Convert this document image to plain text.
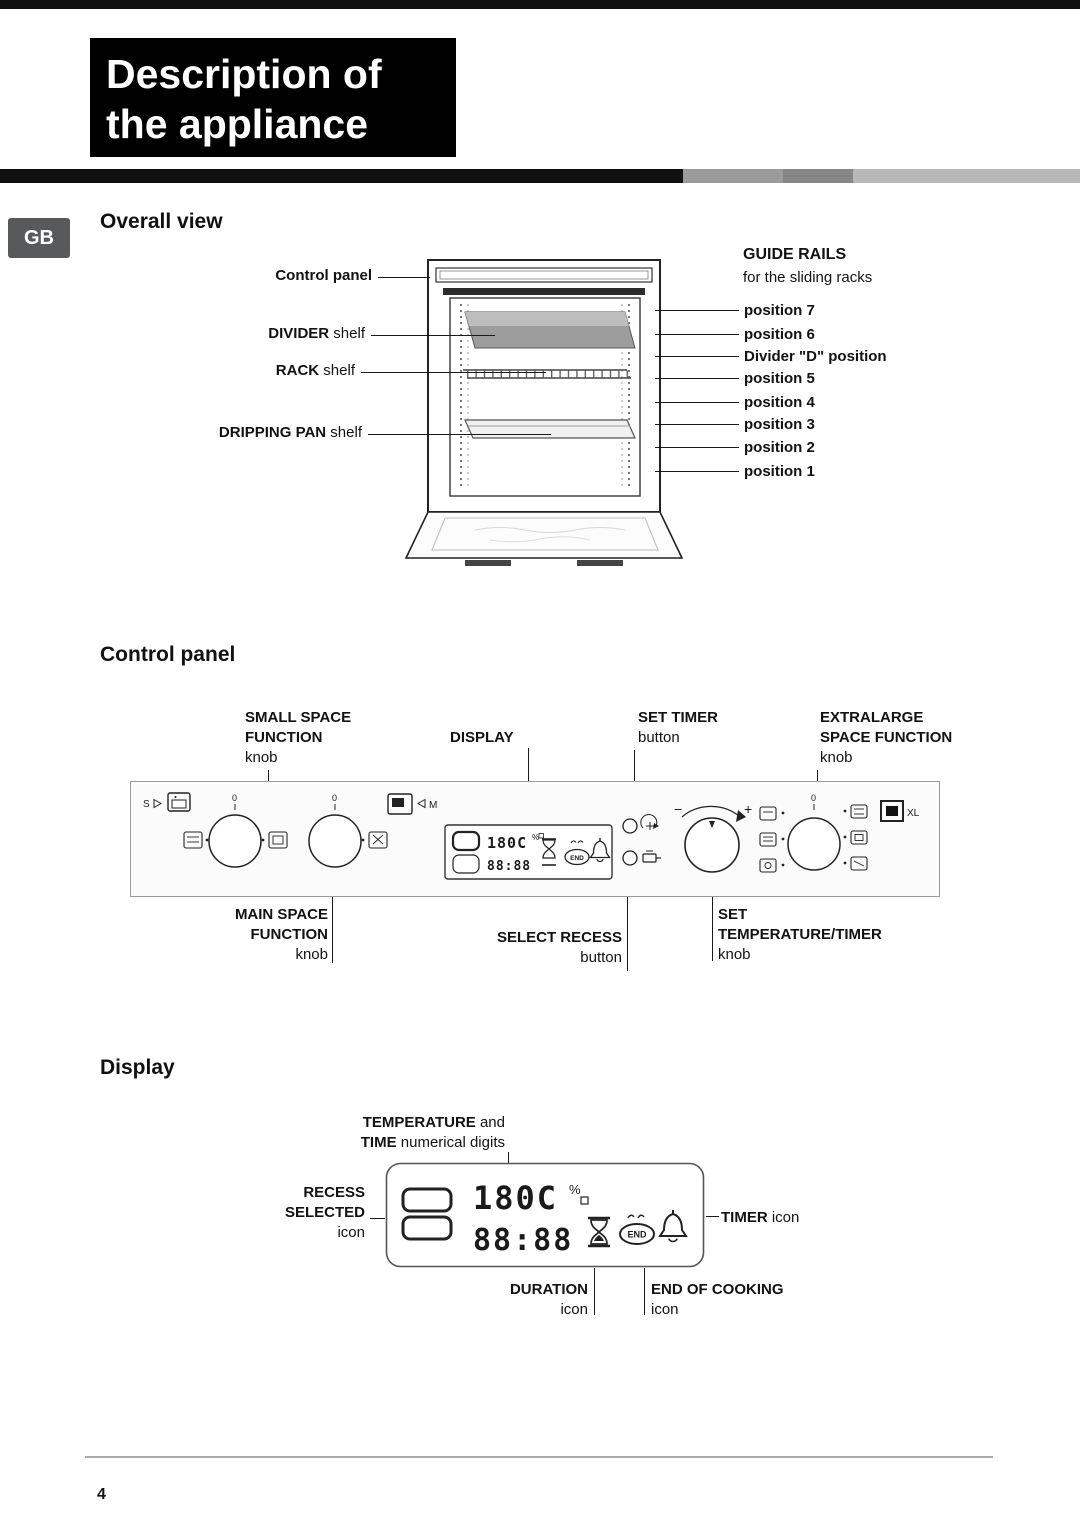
Description of
the appliance
GB
Overall view
Control panel
DIVIDER shelf
RACK shelf
DRIPPING PAN shelf
GUIDE RAILS
for the sliding racks
position 7
position 6
Divider "D" position
position 5
position 4
position 3
position 2
position 1
Control panel
SMALL SPACE
FUNCTION
knob
DISPLAY
SET TIMER
button
EXTRALARGE
SPACE FUNCTION
knob
S
0	0
M
180C %
88:88
END
−	+
0
XL
MAIN SPACE
FUNCTION
knob
SELECT RECESS
button
SET
TEMPERATURE/TIMER
knob
Display
TEMPERATURE and
TIME numerical digits
180C %
88:88	END
RECESS
SELECTED
icon
TIMER icon
DURATION
icon
END OF COOKING
icon
4
